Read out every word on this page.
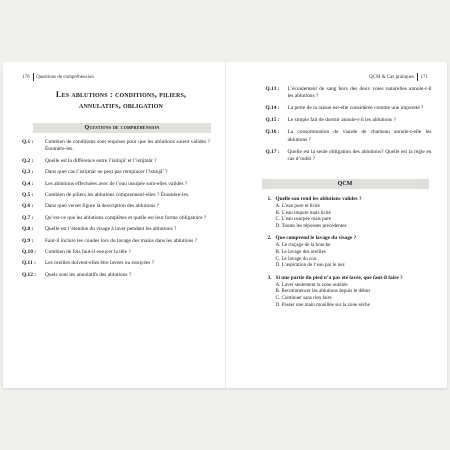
170 Questions de compréhension
Les ablutions : conditions, piliers,
annulatifs, obligation
Questions de compréhension
Q.1 :	Combien de conditions sont requises pour que les ablutions soient valides ? Énumère-les.
Q.2 :	Quelle est la différence entre l’istinjâ’ et l’istijmâr ?
Q.3 :	Dans quel cas l’istijmâr ne peut pas remplacer l’istinjâ’ ?
Q.4 :	Les ablutions effectuées avec de l’eau usurpée sont-elles valides ?
Q.5 :	Combien de piliers les ablutions comprennent-elles ? Énumère-les.
Q.6 :	Dans quel verset figure la description des ablutions ?
Q.7 :	Qu’est-ce que les ablutions complètes et quelle est leur forme obligatoire ?
Q.8 :	Quelle est l’étendue du visage à laver pendant les ablutions ?
Q.9 :	Faut-il inclure les coudes lors du lavage des mains dans les ablutions ?
Q.10 :	Combien de fois faut-il essuyer la tête ?
Q.11 :	Les oreilles doivent-elles être lavées ou essuyées ?
Q.12 :	Quels sont les annulatifs des ablutions ?
QCM & Cas pratiques 171
Q.13 :	L’écoulement de sang hors des deux voies naturelles annule-t-il les ablutions ?
Q.14 :	La perte de la raison est-elle considérée comme une impureté ?
Q.15 :	Le simple fait de dormir annule-t-il les ablutions ?
Q.16 :	La consommation de viande de chameau annule-t-elle les ablutions ?
Q.17 :	Quelle est la seule obligation des ablutions? Quelle est la règle en cas d’oubli ?
QCM
1. Quelle eau rend les ablutions valides ?
A. L’eau pure et licite
B. L’eau impure mais licite
C. L’eau usurpée mais pure
D. Toutes les réponses précédentes
2. Que comprend le lavage du visage ?
A. Le rinçage de la bouche
B. Le lavage des oreilles
C. Le lavage du cou
D. L’aspiration de l’eau par le nez
3. Si une partie du pied n’a pas été lavée, que faut-il faire ?
A. Laver seulement la zone oubliée
B. Recommencer les ablutions depuis le début
C. Continuer sans rien faire
D. Passer une main mouillée sur la zone sèche
